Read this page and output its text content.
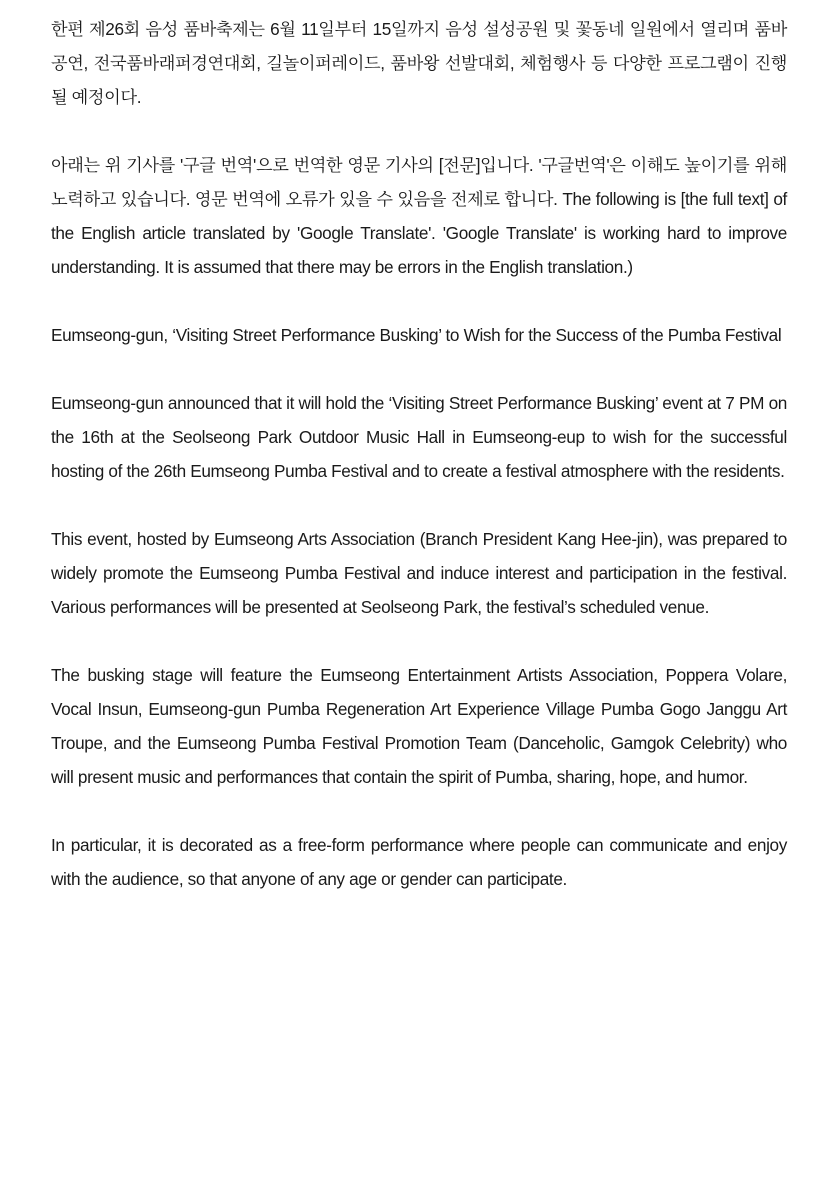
한편 제26회 음성 품바축제는 6월 11일부터 15일까지 음성 설성공원 및 꽃동네 일원에서 열리며 품바공연, 전국품바래퍼경연대회, 길놀이퍼레이드, 품바왕 선발대회, 체험행사 등 다양한 프로그램이 진행될 예정이다.

아래는 위 기사를 '구글 번역'으로 번역한 영문 기사의 [전문]입니다. '구글번역'은 이해도 높이기를 위해 노력하고 있습니다. 영문 번역에 오류가 있을 수 있음을 전제로 합니다. The following is [the full text] of the English article translated by 'Google Translate'. 'Google Translate' is working hard to improve understanding. It is assumed that there may be errors in the English translation.)

Eumseong-gun, ‘Visiting Street Performance Busking’ to Wish for the Success of the Pumba Festival

Eumseong-gun announced that it will hold the ‘Visiting Street Performance Busking’ event at 7 PM on the 16th at the Seolseong Park Outdoor Music Hall in Eumseong-eup to wish for the successful hosting of the 26th Eumseong Pumba Festival and to create a festival atmosphere with the residents.

This event, hosted by Eumseong Arts Association (Branch President Kang Hee-jin), was prepared to widely promote the Eumseong Pumba Festival and induce interest and participation in the festival. Various performances will be presented at Seolseong Park, the festival’s scheduled venue.

The busking stage will feature the Eumseong Entertainment Artists Association, Poppera Volare, Vocal Insun, Eumseong-gun Pumba Regeneration Art Experience Village Pumba Gogo Janggu Art Troupe, and the Eumseong Pumba Festival Promotion Team (Danceholic, Gamgok Celebrity) who will present music and performances that contain the spirit of Pumba, sharing, hope, and humor.

In particular, it is decorated as a free-form performance where people can communicate and enjoy with the audience, so that anyone of any age or gender can participate.
